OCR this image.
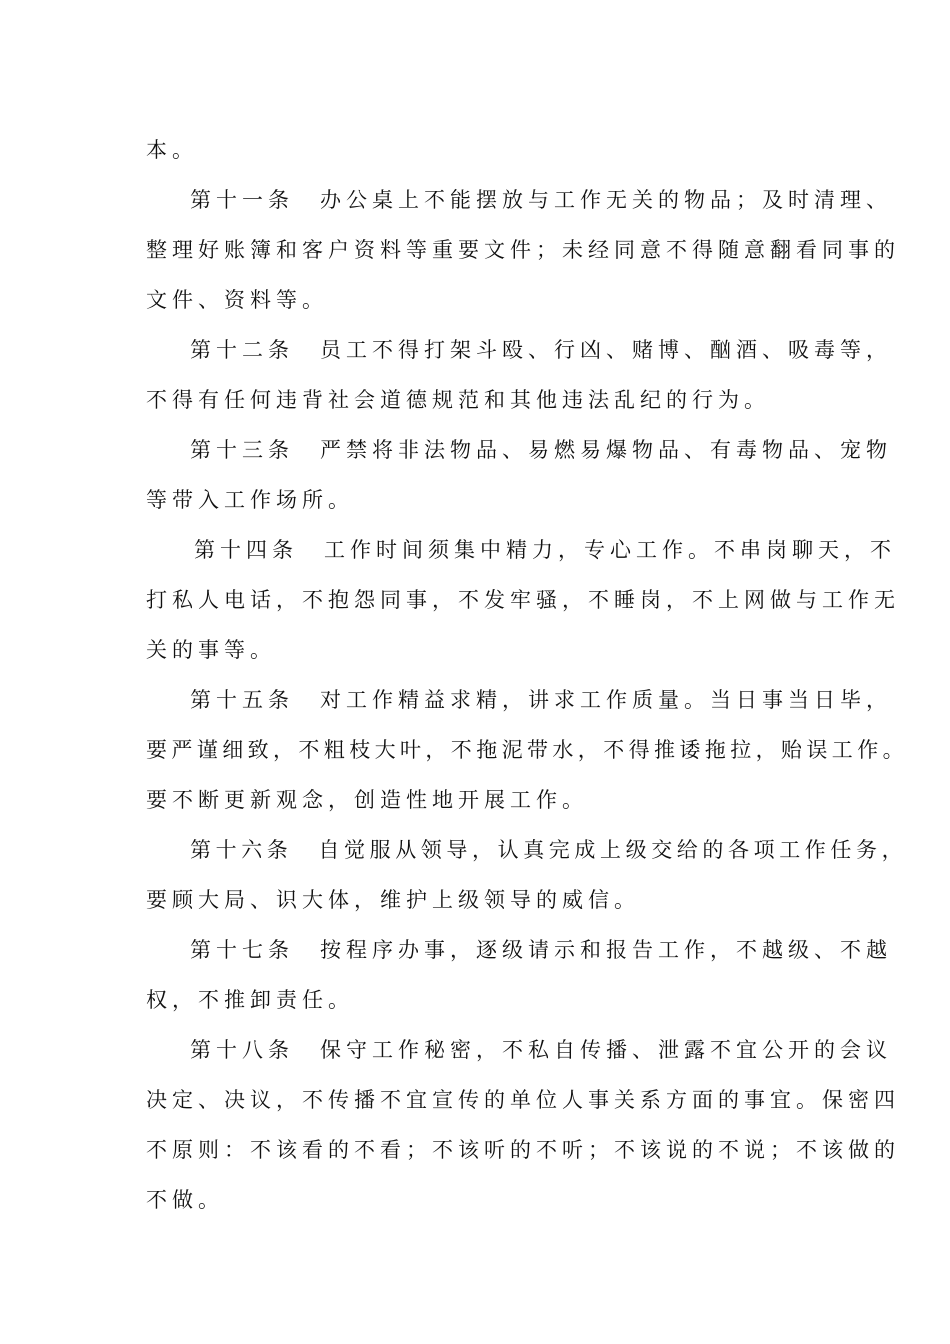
本。
第十一条 办公桌上不能摆放与工作无关的物品；及时清理、
整理好账簿和客户资料等重要文件；未经同意不得随意翻看同事的
文件、资料等。
第十二条 员工不得打架斗殴、行凶、赌博、酗酒、吸毒等，
不得有任何违背社会道德规范和其他违法乱纪的行为。
第十三条 严禁将非法物品、易燃易爆物品、有毒物品、宠物
等带入工作场所。
第十四条 工作时间须集中精力，专心工作。不串岗聊天，不
打私人电话，不抱怨同事，不发牢骚，不睡岗，不上网做与工作无
关的事等。
第十五条 对工作精益求精，讲求工作质量。当日事当日毕，
要严谨细致，不粗枝大叶，不拖泥带水，不得推诿拖拉，贻误工作。
要不断更新观念，创造性地开展工作。
第十六条 自觉服从领导，认真完成上级交给的各项工作任务，
要顾大局、识大体，维护上级领导的威信。
第十七条 按程序办事，逐级请示和报告工作，不越级、不越
权，不推卸责任。
第十八条 保守工作秘密，不私自传播、泄露不宜公开的会议
决定、决议，不传播不宜宣传的单位人事关系方面的事宜。保密四
不原则：不该看的不看；不该听的不听；不该说的不说；不该做的
不做。
